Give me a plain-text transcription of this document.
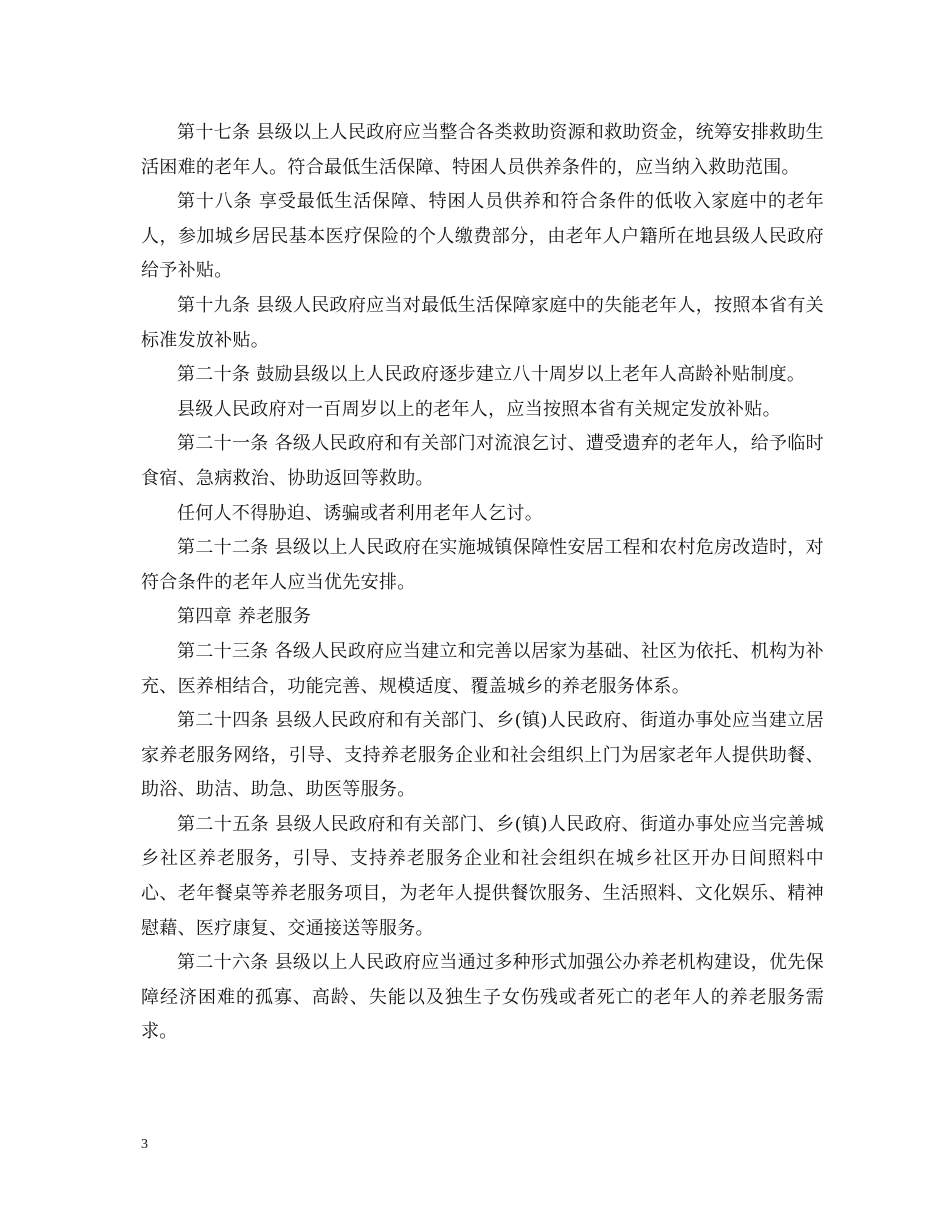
第十七条 县级以上人民政府应当整合各类救助资源和救助资金，统筹安排救助生活困难的老年人。符合最低生活保障、特困人员供养条件的，应当纳入救助范围。

第十八条 享受最低生活保障、特困人员供养和符合条件的低收入家庭中的老年人，参加城乡居民基本医疗保险的个人缴费部分，由老年人户籍所在地县级人民政府给予补贴。

第十九条 县级人民政府应当对最低生活保障家庭中的失能老年人，按照本省有关标准发放补贴。

第二十条 鼓励县级以上人民政府逐步建立八十周岁以上老年人高龄补贴制度。

县级人民政府对一百周岁以上的老年人，应当按照本省有关规定发放补贴。

第二十一条 各级人民政府和有关部门对流浪乞讨、遭受遗弃的老年人，给予临时食宿、急病救治、协助返回等救助。

任何人不得胁迫、诱骗或者利用老年人乞讨。

第二十二条 县级以上人民政府在实施城镇保障性安居工程和农村危房改造时，对符合条件的老年人应当优先安排。

第四章 养老服务

第二十三条 各级人民政府应当建立和完善以居家为基础、社区为依托、机构为补充、医养相结合，功能完善、规模适度、覆盖城乡的养老服务体系。

第二十四条 县级人民政府和有关部门、乡(镇)人民政府、街道办事处应当建立居家养老服务网络，引导、支持养老服务企业和社会组织上门为居家老年人提供助餐、助浴、助洁、助急、助医等服务。

第二十五条 县级人民政府和有关部门、乡(镇)人民政府、街道办事处应当完善城乡社区养老服务，引导、支持养老服务企业和社会组织在城乡社区开办日间照料中心、老年餐桌等养老服务项目，为老年人提供餐饮服务、生活照料、文化娱乐、精神慰藉、医疗康复、交通接送等服务。

第二十六条 县级以上人民政府应当通过多种形式加强公办养老机构建设，优先保障经济困难的孤寡、高龄、失能以及独生子女伤残或者死亡的老年人的养老服务需求。

3
